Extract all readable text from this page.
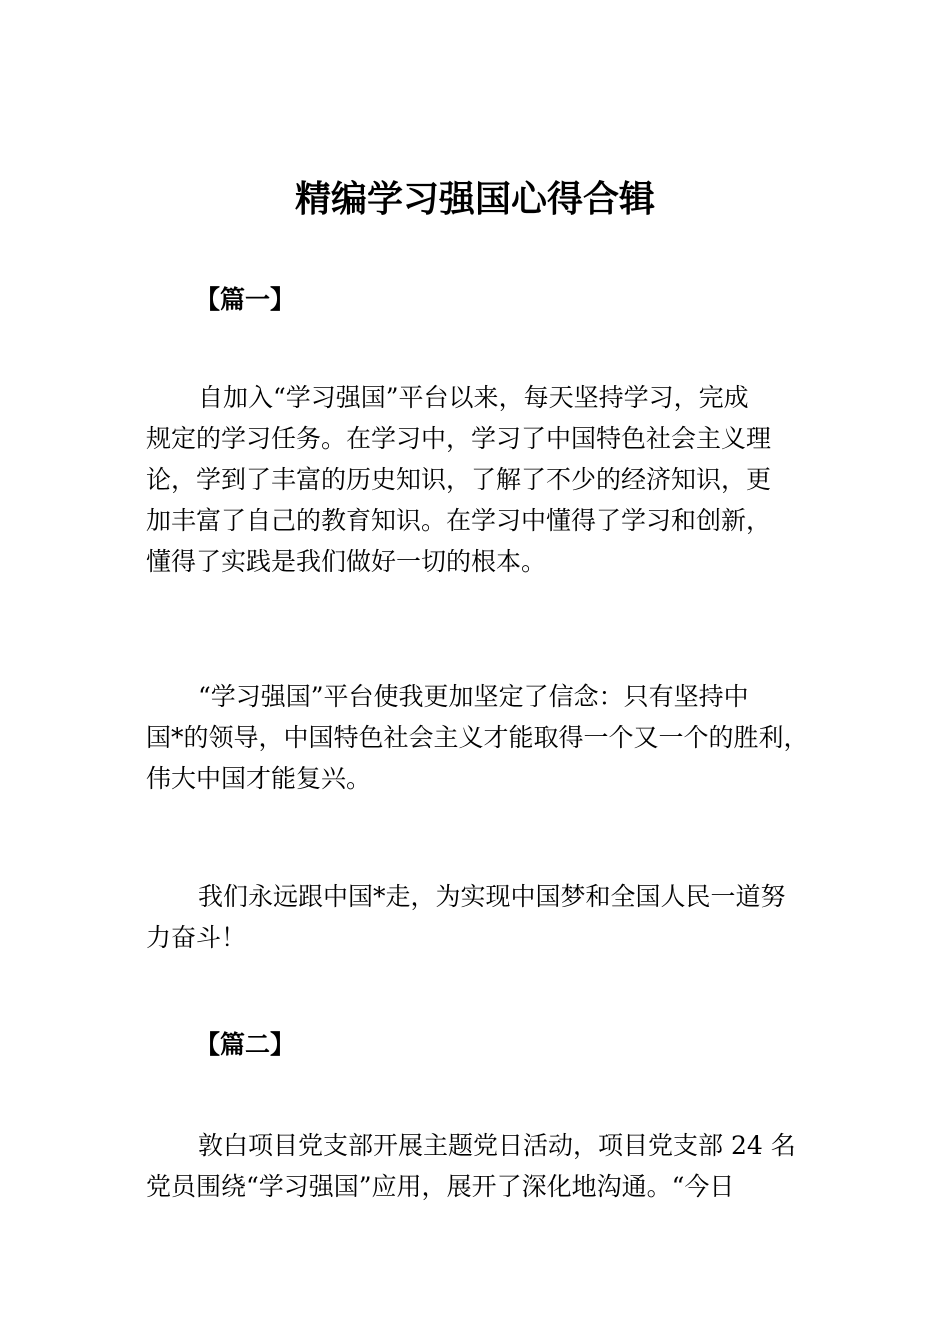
精编学习强国心得合辑
【篇一】

自加入“学习强国”平台以来，每天坚持学习，完成
规定的学习任务。在学习中，学习了中国特色社会主义理
论，学到了丰富的历史知识，了解了不少的经济知识，更
加丰富了自己的教育知识。在学习中懂得了学习和创新，
懂得了实践是我们做好一切的根本。

“学习强国”平台使我更加坚定了信念：只有坚持中
国*的领导，中国特色社会主义才能取得一个又一个的胜利，
伟大中国才能复兴。

我们永远跟中国*走，为实现中国梦和全国人民一道努
力奋斗！

【篇二】

敦白项目党支部开展主题党日活动，项目党支部 24 名
党员围绕“学习强国”应用，展开了深化地沟通。“今日
